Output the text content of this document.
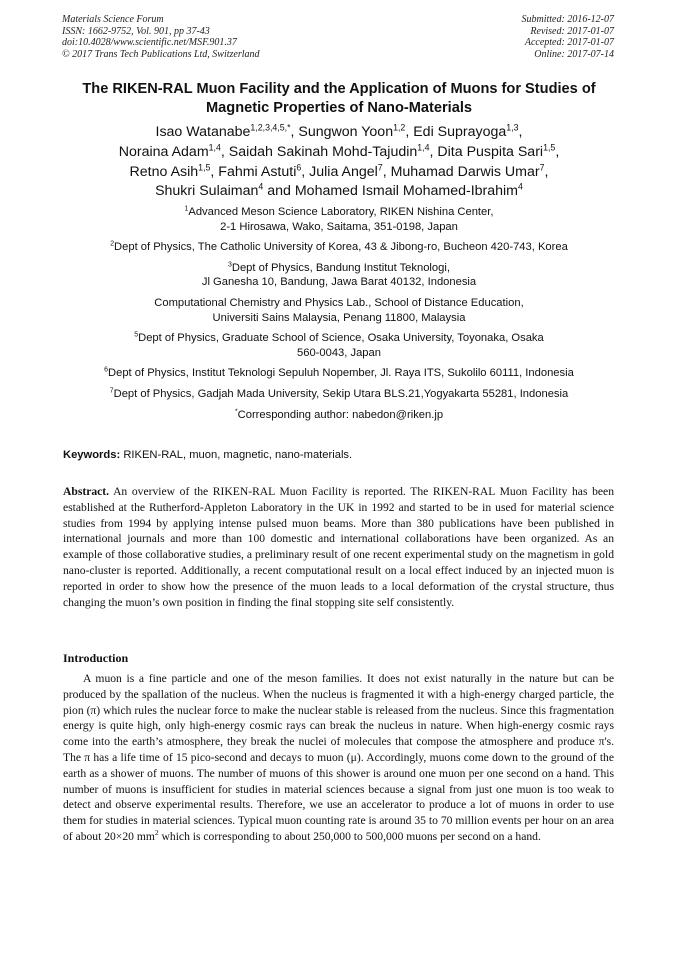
Materials Science Forum
ISSN: 1662-9752, Vol. 901, pp 37-43
doi:10.4028/www.scientific.net/MSF.901.37
© 2017 Trans Tech Publications Ltd, Switzerland
Submitted: 2016-12-07
Revised: 2017-01-07
Accepted: 2017-01-07
Online: 2017-07-14
The RIKEN-RAL Muon Facility and the Application of Muons for Studies of Magnetic Properties of Nano-Materials
Isao Watanabe$^{1,2,3,4,5,*}$, Sungwon Yoon$^{1,2}$, Edi Suprayoga$^{1,3}$,
Noraina Adam$^{1,4}$, Saidah Sakinah Mohd-Tajudin$^{1,4}$, Dita Puspita Sari$^{1,5}$,
Retno Asih$^{1,5}$, Fahmi Astuti$^6$, Julia Angel$^7$, Muhamad Darwis Umar$^7$,
Shukri Sulaiman$^4$ and Mohamed Ismail Mohamed-Ibrahim$^4$
$^1$Advanced Meson Science Laboratory, RIKEN Nishina Center,
2-1 Hirosawa, Wako, Saitama, 351-0198, Japan
$^2$Dept of Physics, The Catholic University of Korea, 43 & Jibong-ro, Bucheon 420-743, Korea
$^3$Dept of Physics, Bandung Institut Teknologi,
Jl Ganesha 10, Bandung, Jawa Barat 40132, Indonesia
Computational Chemistry and Physics Lab., School of Distance Education,
Universiti Sains Malaysia, Penang 11800, Malaysia
$^5$Dept of Physics, Graduate School of Science, Osaka University, Toyonaka, Osaka
560-0043, Japan
$^6$Dept of Physics, Institut Teknologi Sepuluh Nopember, Jl. Raya ITS, Sukolilo 60111, Indonesia
$^7$Dept of Physics, Gadjah Mada University, Sekip Utara BLS.21,Yogyakarta 55281, Indonesia
*Corresponding author: nabedon@riken.jp
Keywords: RIKEN-RAL, muon, magnetic, nano-materials.
Abstract. An overview of the RIKEN-RAL Muon Facility is reported. The RIKEN-RAL Muon Facility has been established at the Rutherford-Appleton Laboratory in the UK in 1992 and started to be in used for material science studies from 1994 by applying intense pulsed muon beams. More than 380 publications have been published in international journals and more than 100 domestic and international collaborations have been organized. As an example of those collaborative studies, a preliminary result of one recent experimental study on the magnetism in gold nano-cluster is reported. Additionally, a recent computational result on a local effect induced by an injected muon is reported in order to show how the presence of the muon leads to a local deformation of the crystal structure, thus changing the muon’s own position in finding the final stopping site self consistently.
Introduction
A muon is a fine particle and one of the meson families. It does not exist naturally in the nature but can be produced by the spallation of the nucleus. When the nucleus is fragmented it with a high-energy charged particle, the pion (π) which rules the nuclear force to make the nuclear stable is released from the nucleus. Since this fragmentation energy is quite high, only high-energy cosmic rays can break the nucleus in nature. When high-energy cosmic rays come into the earth’s atmosphere, they break the nuclei of molecules that compose the atmosphere and produce π's. The π has a life time of 15 pico-second and decays to muon (μ). Accordingly, muons come down to the ground of the earth as a shower of muons. The number of muons of this shower is around one muon per one second on a hand. This number of muons is insufficient for studies in material sciences because a signal from just one muon is too weak to detect and observe experimental results. Therefore, we use an accelerator to produce a lot of muons in order to use them for studies in material sciences. Typical muon counting rate is around 35 to 70 million events per hour on an area of about 20×20 $mm^2$ which is corresponding to about 250,000 to 500,000 muons per second on a hand.
